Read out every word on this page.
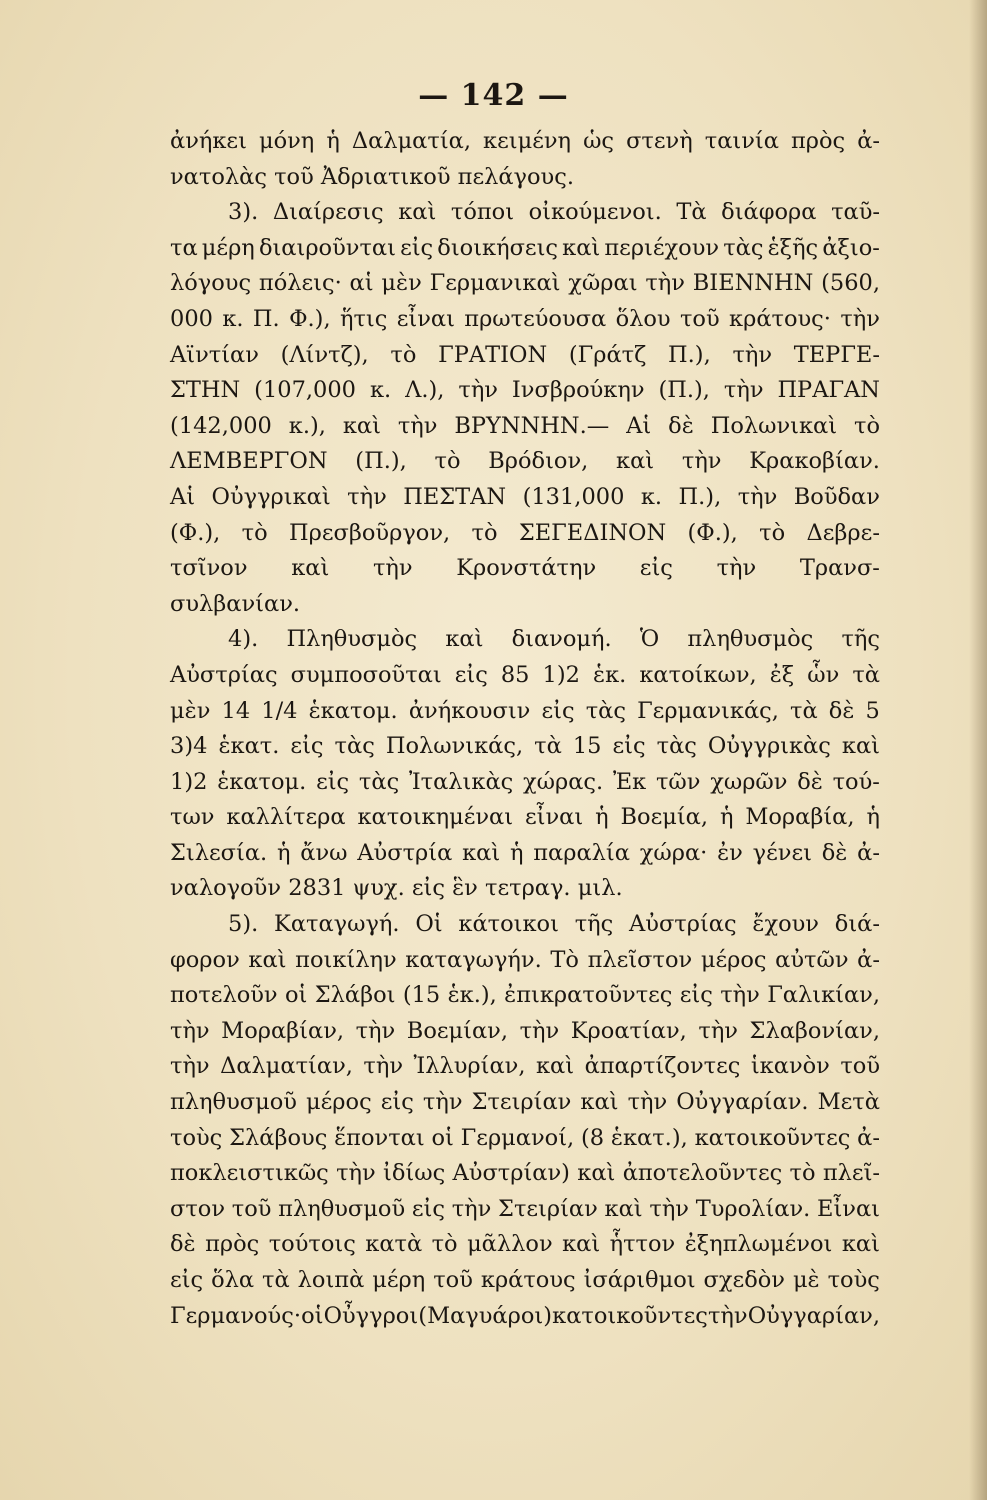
— 142 —
ἀνήκει μόνη ἡ Δαλματία, κειμένη ὡς στενὴ ταινία πρὸς ἀ-
νατολὰς τοῦ Ἀδριατικοῦ πελάγους.
3). Διαίρεσις καὶ τόποι οἰκούμενοι. Τὰ διάφορα ταῦ-
τα μέρη διαιροῦνται εἰς διοικήσεις καὶ περιέχουν τὰς ἑξῆς ἀξιο-
λόγους πόλεις· αἱ μὲν Γερμανικαὶ χῶραι τὴν ΒΙΕΝΝΗΝ (560,
000 κ. Π. Φ.), ἥτις εἶναι πρωτεύουσα ὅλου τοῦ κράτους· τὴν
Αϊντίαν (Λίντζ), τὸ ΓΡΑΤΙΟΝ (Γράτζ Π.), τὴν ΤΕΡΓΕ-
ΣΤΗΝ (107,000 κ. Λ.), τὴν Ινσβρούκην (Π.), τὴν ΠΡΑΓΑΝ
(142,000 κ.), καὶ τὴν ΒΡΥΝΝΗΝ.— Αἱ δὲ Πολωνικαὶ τὸ
ΛΕΜΒΕΡΓΟΝ (Π.), τὸ Βρόδιον, καὶ τὴν Κρακοβίαν.
Αἱ Οὐγγρικαὶ τὴν ΠΕΣΤΑΝ (131,000 κ. Π.), τὴν Βοῦδαν
(Φ.), τὸ Πρεσβοῦργον, τὸ ΣΕΓΕΔΙΝΟΝ (Φ.), τὸ Δεβρε-
τσῖνον καὶ τὴν Κρονστάτην εἰς τὴν Τρανσ-
συλβανίαν.
4). Πληθυσμὸς καὶ διανομή. Ὁ πληθυσμὸς τῆς
Αὐστρίας συμποσοῦται εἰς 85 1)2 ἑκ. κατοίκων, ἐξ ὧν τὰ
μὲν 14 1/4 ἑκατομ. ἀνήκουσιν εἰς τὰς Γερμανικάς, τὰ δὲ 5
3)4 ἑκατ. εἰς τὰς Πολωνικάς, τὰ 15 εἰς τὰς Οὐγγρικὰς καὶ
1)2 ἑκατομ. εἰς τὰς Ἰταλικὰς χώρας. Ἐκ τῶν χωρῶν δὲ τού-
των καλλίτερα κατοικημέναι εἶναι ἡ Βοεμία, ἡ Μοραβία, ἡ
Σιλεσία. ἡ ἄνω Αὐστρία καὶ ἡ παραλία χώρα· ἐν γένει δὲ ἀ-
ναλογοῦν 2831 ψυχ. εἰς ἓν τετραγ. μιλ.
5). Καταγωγή. Οἱ κάτοικοι τῆς Αὐστρίας ἔχουν διά-
φορον καὶ ποικίλην καταγωγήν. Τὸ πλεῖστον μέρος αὐτῶν ἀ-
ποτελοῦν οἱ Σλάβοι (15 ἑκ.), ἐπικρατοῦντες εἰς τὴν Γαλικίαν,
τὴν Μοραβίαν, τὴν Βοεμίαν, τὴν Κροατίαν, τὴν Σλαβονίαν,
τὴν Δαλματίαν, τὴν Ἰλλυρίαν, καὶ ἀπαρτίζοντες ἱκανὸν τοῦ
πληθυσμοῦ μέρος εἰς τὴν Στειρίαν καὶ τὴν Οὐγγαρίαν. Μετὰ
τοὺς Σλάβους ἕπονται οἱ Γερμανοί, (8 ἑκατ.), κατοικοῦντες ἀ-
ποκλειστικῶς τὴν ἰδίως Αὐστρίαν) καὶ ἀποτελοῦντες τὸ πλεῖ-
στον τοῦ πληθυσμοῦ εἰς τὴν Στειρίαν καὶ τὴν Τυρολίαν. Εἶναι
δὲ πρὸς τούτοις κατὰ τὸ μᾶλλον καὶ ἧττον ἐξηπλωμένοι καὶ
εἰς ὅλα τὰ λοιπὰ μέρη τοῦ κράτους ἰσάριθμοι σχεδὸν μὲ τοὺς
Γερμανούς· οἱ Οὖγγροι (Μαγυάροι) κατοικοῦντες τὴν Οὐγγαρίαν,
